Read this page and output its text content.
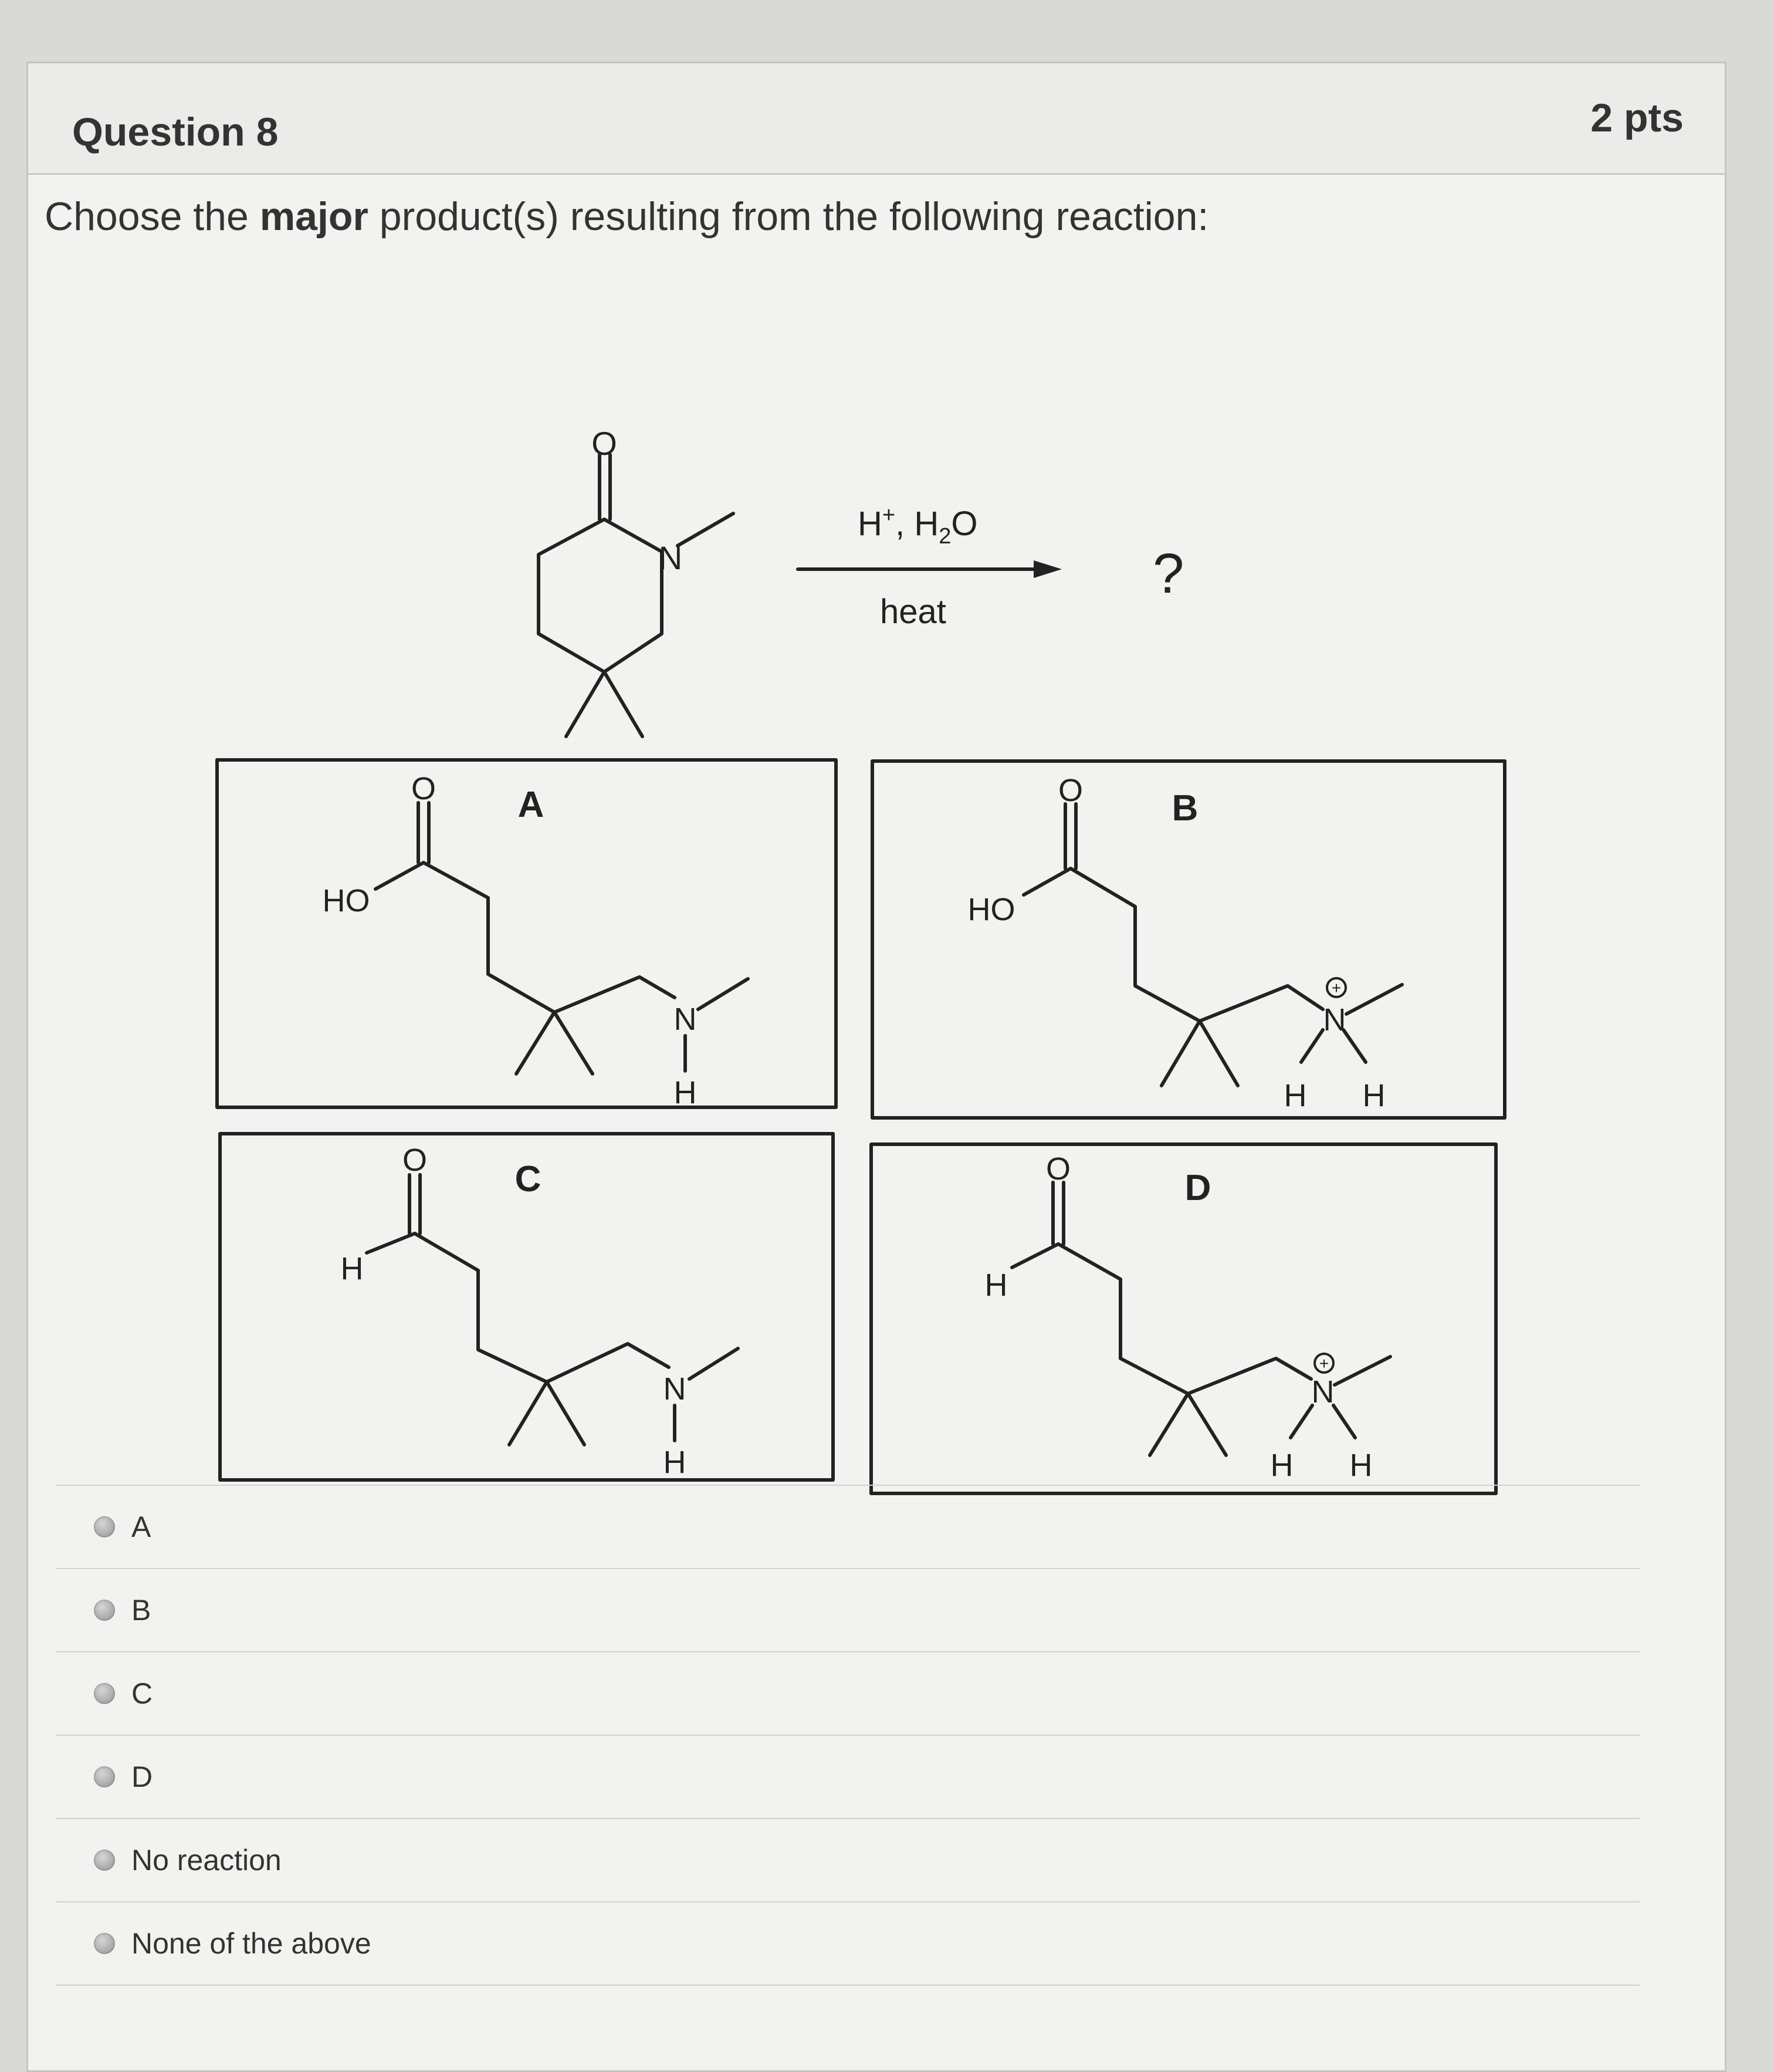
Question 8	2 pts
Choose the major product(s) resulting from the following reaction:
O
N
H+, $H_2O$
heat
?
A
O
HO
N
H
B
O
HO
N
+
H H
C
O
H
N
H
D
O
H
N
+
H H
A
B
C
D
No reaction
None of the above
